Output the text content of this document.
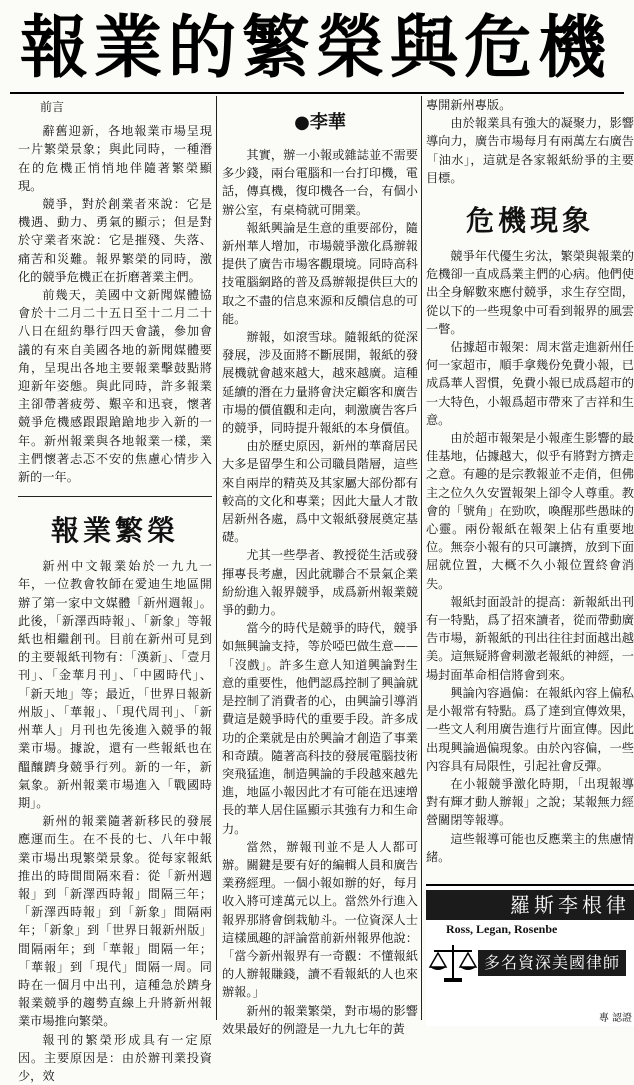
報業的繁榮與危機

前言

辭舊迎新，各地報業市場呈現一片繁榮景象；與此同時，一種潛在的危機正悄悄地伴隨著繁榮顯現。

競爭，對於創業者來說：它是機遇、動力、勇氣的顯示；但是對於守業者來說：它是摧殘、失落、痛苦和災難。報界繁榮的同時，激化的競爭危機正在折磨著業主們。

前幾天，美國中文新聞媒體協會於十二月二十五日至十二月二十八日在紐約舉行四天會議，參加會議的有來自美國各地的新聞媒體要角，呈現出各地主要報業擊鼓點將迎新年姿態。與此同時，許多報業主卻帶著疲勞、艱辛和迅衰，懷著競爭危機感跟跟蹌蹌地步入新的一年。新州報業與各地報業一樣，業主們懷著忐忑不安的焦慮心情步入新的一年。

報業繁榮

新州中文報業始於一九九一年，一位教會牧師在愛迪生地區開辦了第一家中文媒體「新州週報」。此後，「新澤西時報」、「新象」等報紙也相繼創刊。目前在新州可見到的主要報紙刊物有：「漢新」、「壹月刊」、「金華月刊」、「中國時代」、「新天地」等；最近，「世界日報新州版」、「華報」、「現代周刊」、「新州華人」月刊也先後進入競爭的報業市場。據說，還有一些報紙也在醞釀躋身競爭行列。新的一年，新氣象。新州報業市場進入「戰國時期」。

新州的報業隨著新移民的發展應運而生。在不長的七、八年中報業市場出現繁榮景象。從每家報紙推出的時間間隔來看：從「新州週報」到「新澤西時報」間隔三年；「新澤西時報」到「新象」間隔兩年；「新象」到「世界日報新州版」間隔兩年；到「華報」間隔一年；「華報」到「現代」間隔一周。同時在一個月中出刊，這種急於躋身報業競爭的趨勢直線上升將新州報業市場推向繁榮。

報刊的繁榮形成具有一定原因。主要原因是：由於辦刊業投資少，效

●李華

其實，辦一小報或雜誌並不需要多少錢，兩台電腦和一台打印機，電話，傳真機，復印機各一台，有個小辦公室，有桌椅就可開業。

報紙興論是生意的重要部份，隨新州華人增加，市場競爭激化爲辦報提供了廣告市場客觀環境。同時高科技電腦網路的普及爲辦報提供巨大的取之不盡的信息來源和反饋信息的可能。

辦報，如滾雪球。隨報紙的從深發展，涉及面將不斷展開，報紙的發展機就會越來越大，越來越廣。這種延續的潛在力量將會決定顧客和廣告市場的價值觀和走向，刺激廣告客戶的競爭，同時提升報紙的本身價值。

由於歷史原因，新州的華裔居民大多是留學生和公司職員階層，這些來自兩岸的精英及其家屬大部份都有較高的文化和專業；因此大量人才散居新州各處，爲中文報紙發展奠定基礎。

尤其一些學者、教授從生活或發揮專長考慮，因此就聯合不景氣企業紛紛進入報界競爭，成爲新州報業競爭的動力。

當今的時代是競爭的時代，競爭如無興論支持，等於啞巴做生意——「沒戲」。許多生意人知道興論對生意的重要性，他們認爲控制了興論就是控制了消費者的心，由興論引導消費這是競爭時代的重要手段。許多成功的企業就是由於興論才創造了事業和奇蹟。隨著高科技的發展電腦技術突飛猛進，制造興論的手段越來越先進，地區小報因此才有可能在迅速增長的華人居住區顯示其強有力和生命力。

當然，辦報刊並不是人人都可辦。關鍵是要有好的編輯人員和廣告業務經理。一個小報如辦的好，每月收入將可達萬元以上。當然外行進入報界那將會倒栽觔斗。一位資深人士這樣風趣的評論當前新州報界他說：「當今新州報界有一奇觀：不懂報紙的人辦報賺錢，讀不看報紙的人也來辦報。」

新州的報業繁榮，對市場的影響效果最好的例證是一九九七年的黃

專開新州專版。

由於報業具有強大的凝聚力，影響導向力，廣告市場每月有兩萬左右廣告「油水」，這就是各家報紙紛爭的主要目標。

危機現象

競爭年代優生劣汰，繁榮與報業的危機卻一直成爲業主們的心病。他們使出全身解數來應付競爭，求生存空間，從以下的一些現象中可看到報界的風雲一瞥。

佔據超市報架：周末當走進新州任何一家超市，順手拿幾份免費小報，已成爲華人習慣，免費小報已成爲超市的一大特色，小報爲超市帶來了吉祥和生意。

由於超市報架是小報產生影響的最佳基地，佔據越大，似乎有將對方擠走之意。有趣的是宗教報並不走俏，但佛主之位久久安置報架上卻令人尊重。教會的「號角」在勁吹，喚醒那些愚昧的心靈。兩份報紙在報架上佔有重要地位。無奈小報有的只可讓擠，放到下面屈就位置，大概不久小報位置終會消失。

報紙封面設計的提高：新報紙出刊有一特點，爲了招來讀者，從而帶動廣告市場，新報紙的刊出往往封面越出越美。這無疑將會刺激老報紙的神經，一場封面革命相信將會到來。

興論內容過偏：在報紙內容上偏私是小報常有特點。爲了達到宣傳效果，一些文人利用廣告進行片面宣傳。因此出現興論過偏現象。由於內容偏，一些內容具有局限性，引起社會反彈。

在小報競爭激化時期，「出現報導對有輝才動人辦報」之說；某報無力經營關閉等報導。

這些報導可能也反應業主的焦慮情緒。

羅斯李根律
Ross, Legan, Rosenbe
多名資深美國律師
專 認證
